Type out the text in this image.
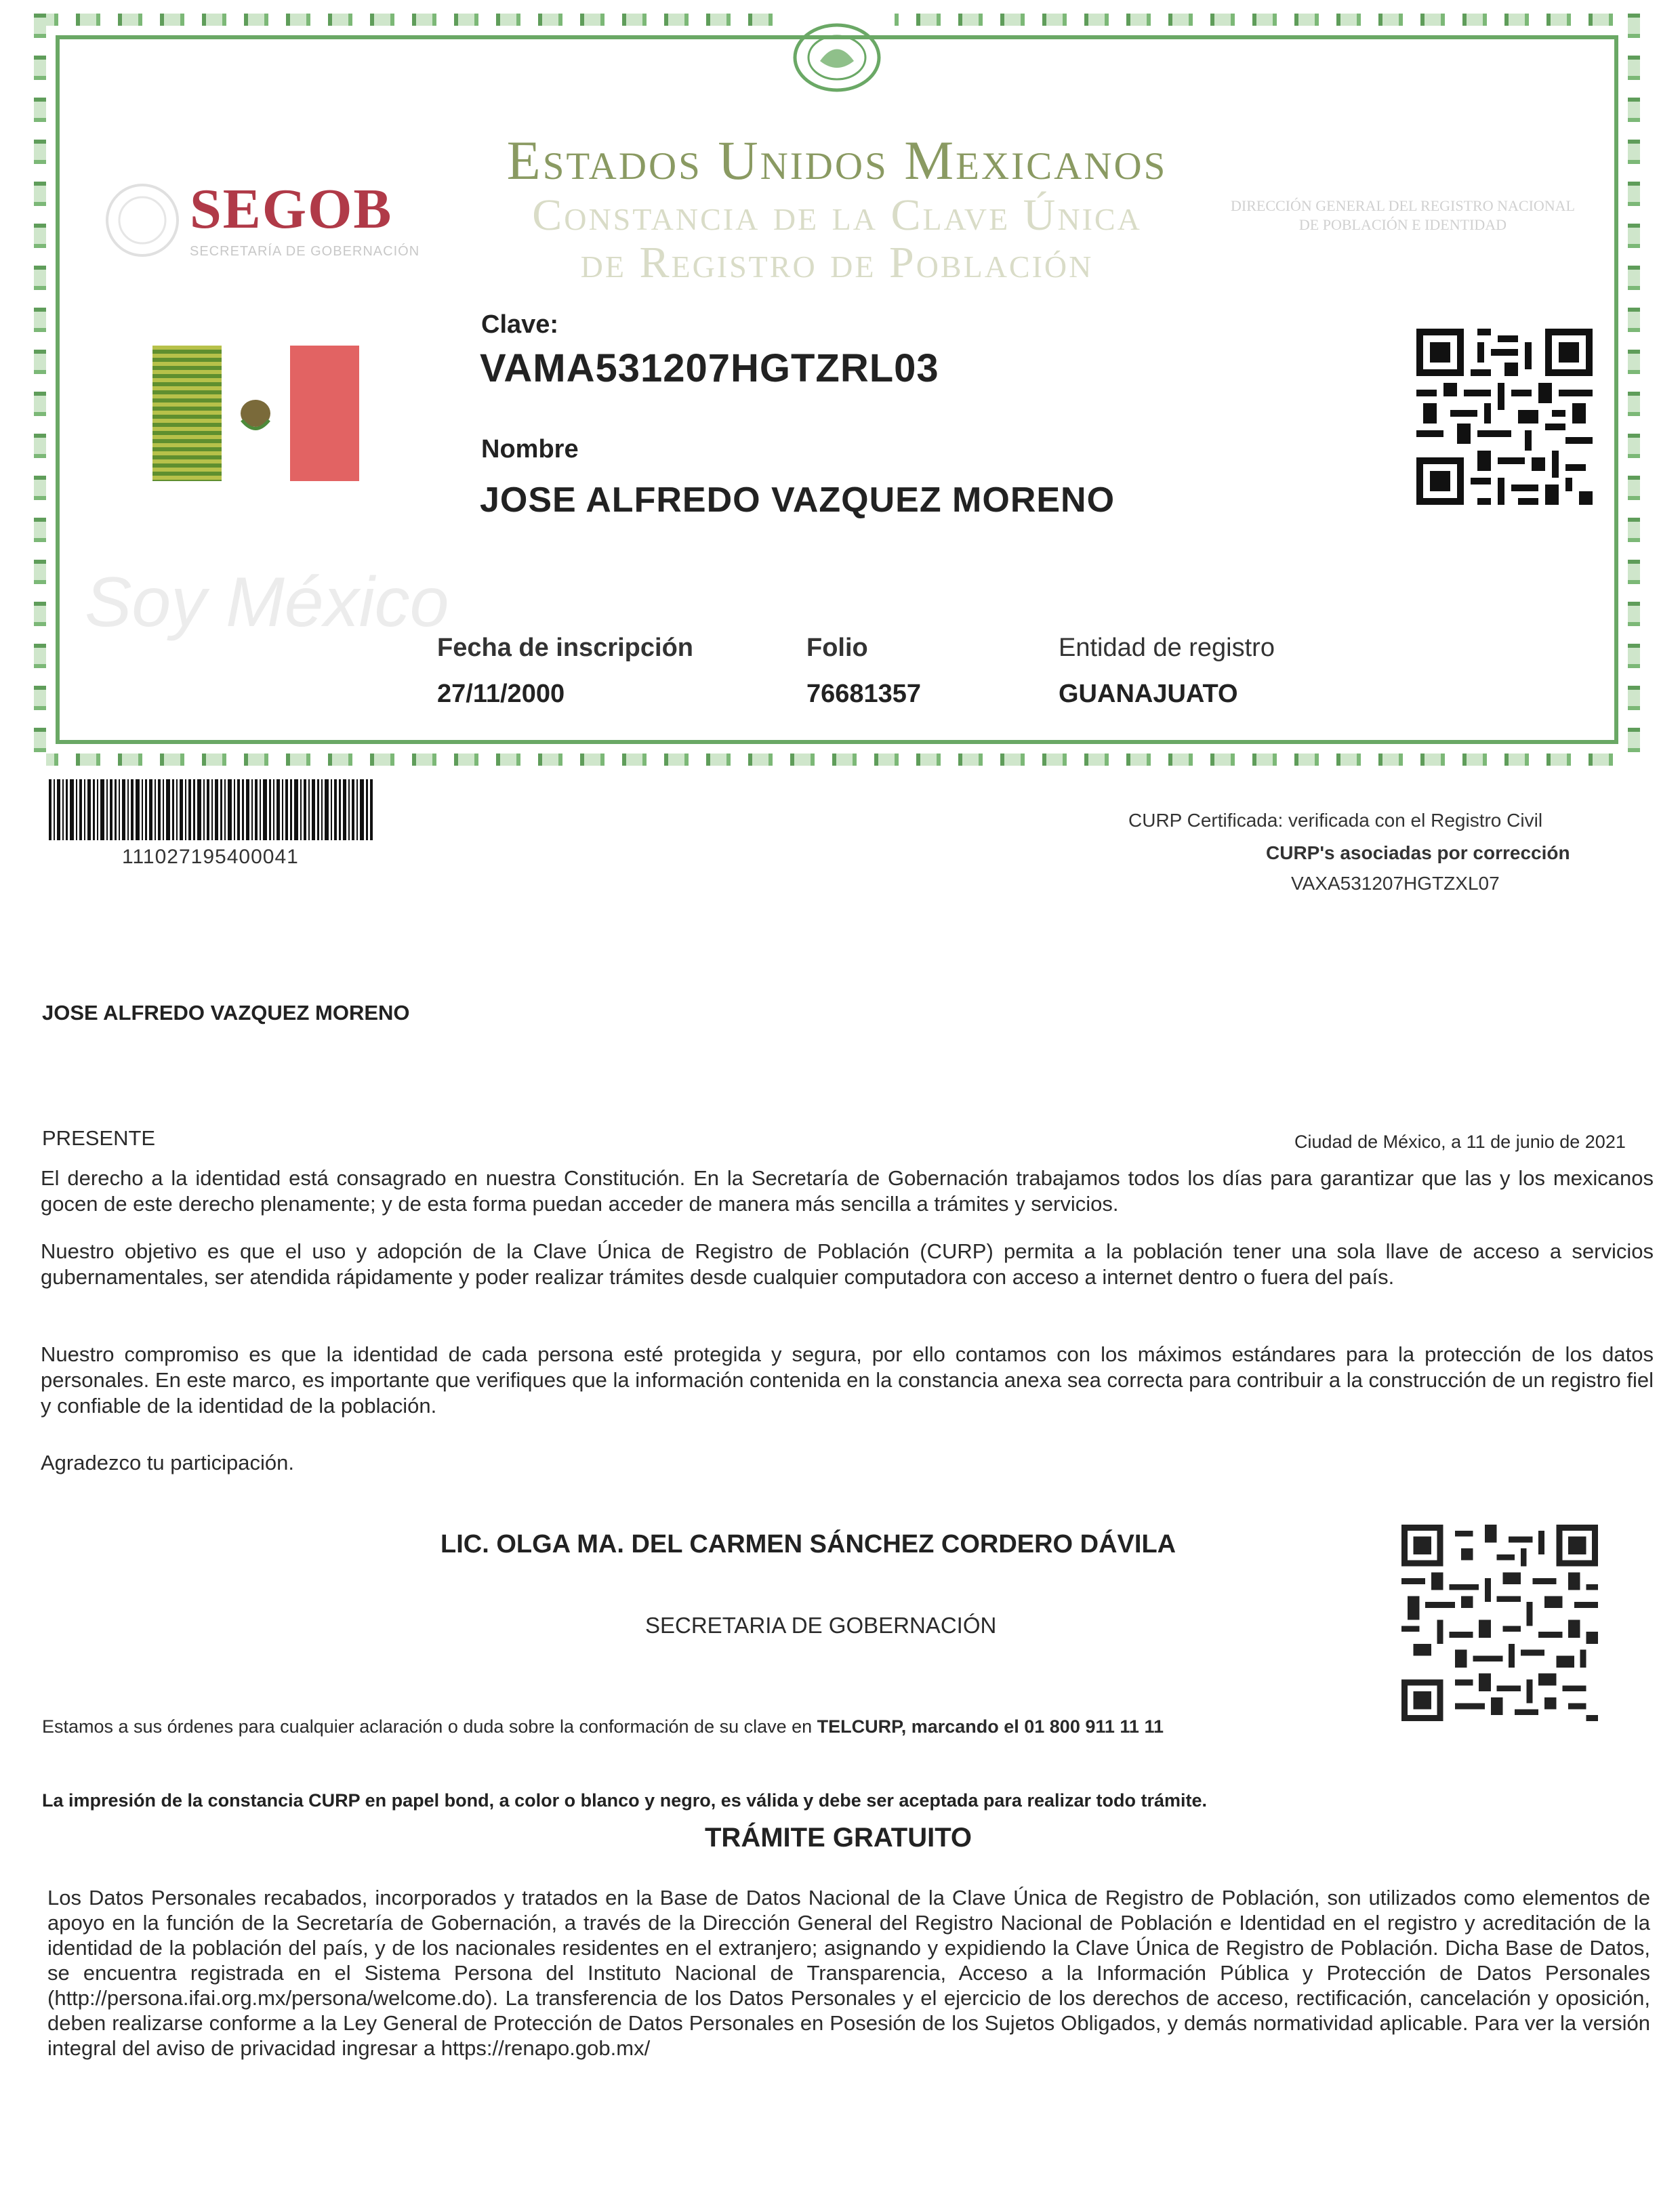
Estados Unidos Mexicanos
Constancia de la Clave Única
de Registro de Población
SEGOB
SECRETARÍA DE GOBERNACIÓN
DIRECCIÓN GENERAL DEL REGISTRO NACIONAL DE POBLACIÓN E IDENTIDAD
Soy México
Clave:
VAMA531207HGTZRL03
Nombre
JOSE ALFREDO VAZQUEZ MORENO
Fecha de inscripción
27/11/2000
Folio
76681357
Entidad de registro
GUANAJUATO
111027195400041
CURP Certificada: verificada con el Registro Civil
CURP's asociadas por corrección
VAXA531207HGTZXL07
JOSE ALFREDO VAZQUEZ MORENO
PRESENTE	Ciudad de México, a 11 de junio de 2021
El derecho a la identidad está consagrado en nuestra Constitución. En la Secretaría de Gobernación trabajamos todos los días para garantizar que las y los mexicanos gocen de este derecho plenamente; y de esta forma puedan acceder de manera más sencilla a trámites y servicios.
Nuestro objetivo es que el uso y adopción de la Clave Única de Registro de Población (CURP) permita a la población tener una sola llave de acceso a servicios gubernamentales, ser atendida rápidamente y poder realizar trámites desde cualquier computadora con acceso a internet dentro o fuera del país.
Nuestro compromiso es que la identidad de cada persona esté protegida y segura, por ello contamos con los máximos estándares para la protección de los datos personales. En este marco, es importante que verifiques que la información contenida en la constancia anexa sea correcta para contribuir a la construcción de un registro fiel y confiable de la identidad de la población.
Agradezco tu participación.
LIC. OLGA MA. DEL CARMEN SÁNCHEZ CORDERO DÁVILA
SECRETARIA DE GOBERNACIÓN
Estamos a sus órdenes para cualquier aclaración o duda sobre la conformación de su clave en TELCURP, marcando el 01 800 911 11 11
La impresión de la constancia CURP en papel bond, a color o blanco y negro, es válida y debe ser aceptada para realizar todo trámite.
TRÁMITE GRATUITO
Los Datos Personales recabados, incorporados y tratados en la Base de Datos Nacional de la Clave Única de Registro de Población, son utilizados como elementos de apoyo en la función de la Secretaría de Gobernación, a través de la Dirección General del Registro Nacional de Población e Identidad en el registro y acreditación de la identidad de la población del país, y de los nacionales residentes en el extranjero; asignando y expidiendo la Clave Única de Registro de Población. Dicha Base de Datos, se encuentra registrada en el Sistema Persona del Instituto Nacional de Transparencia, Acceso a la Información Pública y Protección de Datos Personales (http://persona.ifai.org.mx/persona/welcome.do). La transferencia de los Datos Personales y el ejercicio de los derechos de acceso, rectificación, cancelación y oposición, deben realizarse conforme a la Ley General de Protección de Datos Personales en Posesión de los Sujetos Obligados, y demás normatividad aplicable. Para ver la versión integral del aviso de privacidad ingresar a https://renapo.gob.mx/
